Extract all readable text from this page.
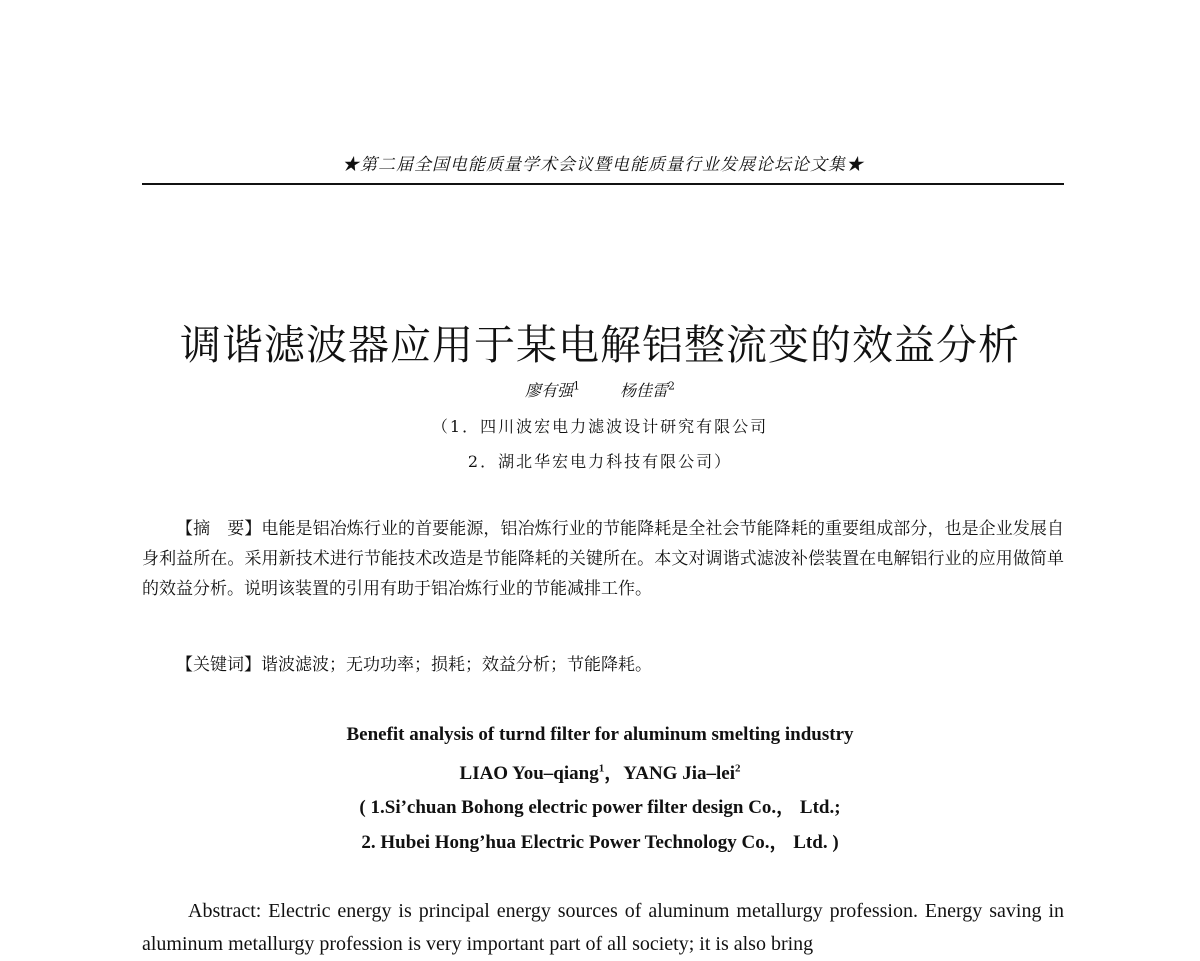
★第二届全国电能质量学术会议暨电能质量行业发展论坛论文集★
调谐滤波器应用于某电解铝整流变的效益分析
廖有强$^1$	杨佳雷$^2$
（1．四川波宏电力滤波设计研究有限公司
2．湖北华宏电力科技有限公司）

【摘　要】电能是铝冶炼行业的首要能源，铝冶炼行业的节能降耗是全社会节能降耗的重要组成部分，也是企业发展自身利益所在。采用新技术进行节能技术改造是节能降耗的关键所在。本文对调谐式滤波补偿装置在电解铝行业的应用做简单的效益分析。说明该装置的引用有助于铝冶炼行业的节能减排工作。

【关键词】谐波滤波；无功功率；损耗；效益分析；节能降耗。

Benefit analysis of turnd filter for aluminum smelting industry
LIAO You–qiang$^1$，YANG Jia–lei$^2$
( 1.Si’chuan Bohong electric power filter design Co.， Ltd.;
2. Hubei Hong’hua Electric Power Technology Co.， Ltd. )

Abstract: Electric energy is principal energy sources of aluminum metallurgy profession. Energy saving in aluminum metallurgy profession is very important part of all society; it is also bring
